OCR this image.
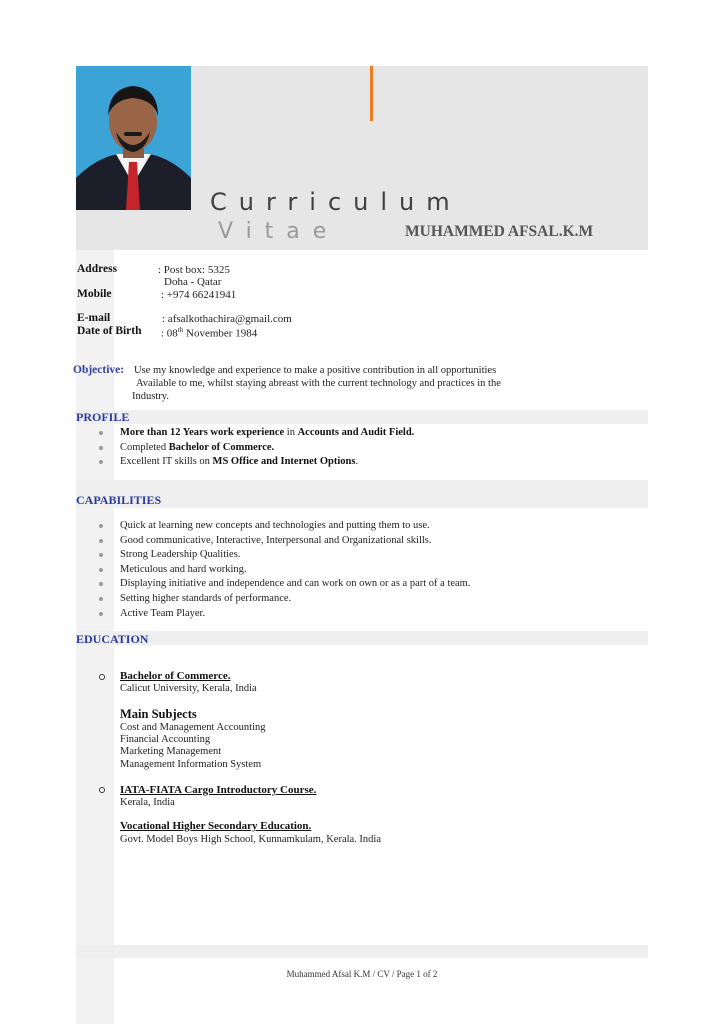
Curriculum
Vitae	MUHAMMED AFSAL.K.M
Address	: Post box: 5325
Doha - Qatar
Mobile	: +974 66241941
E-mail	: afsalkothachira@gmail.com
Date of Birth : 08th November 1984
Objective: Use my knowledge and experience to make a positive contribution in all opportunities
Available to me, whilst staying abreast with the current technology and practices in the
Industry.
PROFILE
More than 12 Years work experience in Accounts and Audit Field.
Completed Bachelor of Commerce.
Excellent IT skills on MS Office and Internet Options.
CAPABILITIES
Quick at learning new concepts and technologies and putting them to use.
Good communicative, Interactive, Interpersonal and Organizational skills.
Strong Leadership Qualities.
Meticulous and hard working.
Displaying initiative and independence and can work on own or as a part of a team.
Setting higher standards of performance.
Active Team Player.
EDUCATION
Bachelor of Commerce.
Calicut University, Kerala, India
Main Subjects
Cost and Management Accounting
Financial Accounting
Marketing Management
Management Information System
IATA-FIATA Cargo Introductory Course.
Kerala, India
Vocational Higher Secondary Education.
Govt. Model Boys High School, Kunnamkulam, Kerala. India
Muhammed Afsal K.M / CV / Page 1 of 2
